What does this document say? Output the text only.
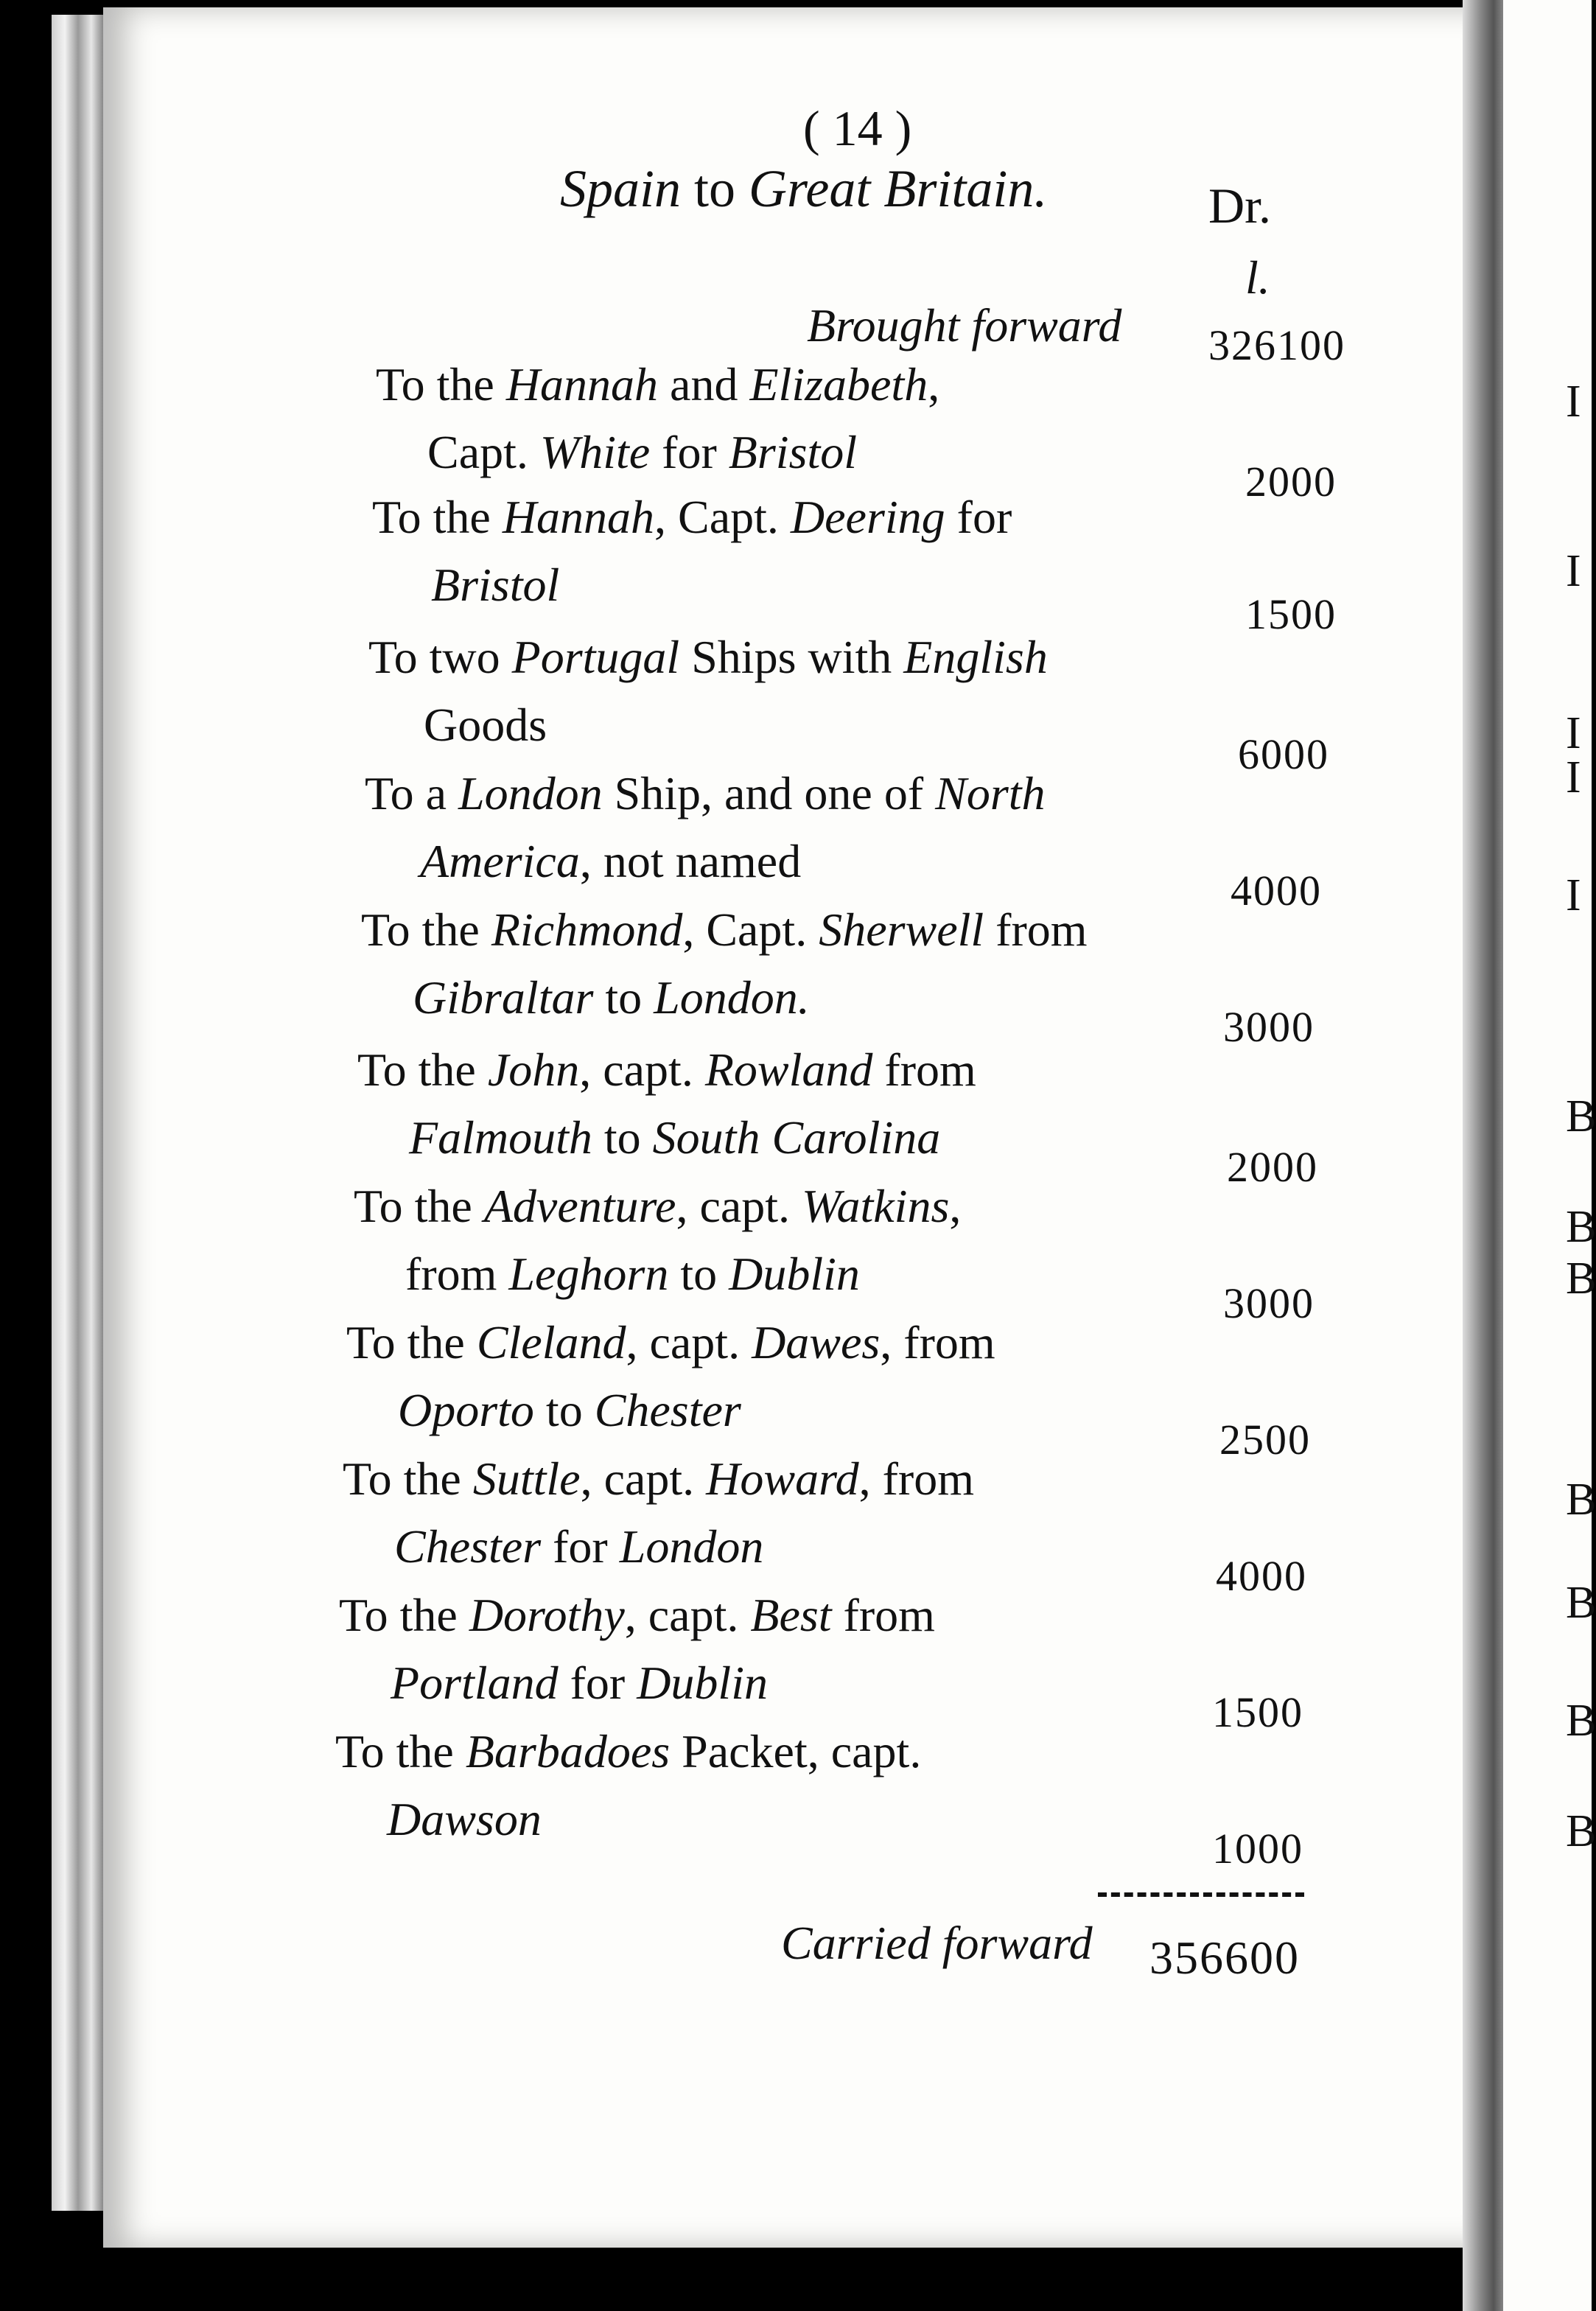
( 14 )
Spain to Great Britain.	Dr.
l.
Brought forward 326100
To the Hannah and Elizabeth,
Capt. White for Bristol
2000
To the Hannah, Capt. Deering for
Bristol
1500
To two Portugal Ships with English
Goods
6000
To a London Ship, and one of North
America, not named
4000
To the Richmond, Capt. Sherwell from
Gibraltar to London.
3000
To the John, capt. Rowland from
Falmouth to South Carolina
2000
To the Adventure, capt. Watkins,
from Leghorn to Dublin
3000
To the Cleland, capt. Dawes, from
Oporto to Chester
2500
To the Suttle, capt. Howard, from
Chester for London
4000
To the Dorothy, capt. Best from
Portland for Dublin
1500
To the Barbadoes Packet, capt.
Dawson
1000
Carried forward 356600
I
I
I
I
I
B
B
B
B
B
B
B
